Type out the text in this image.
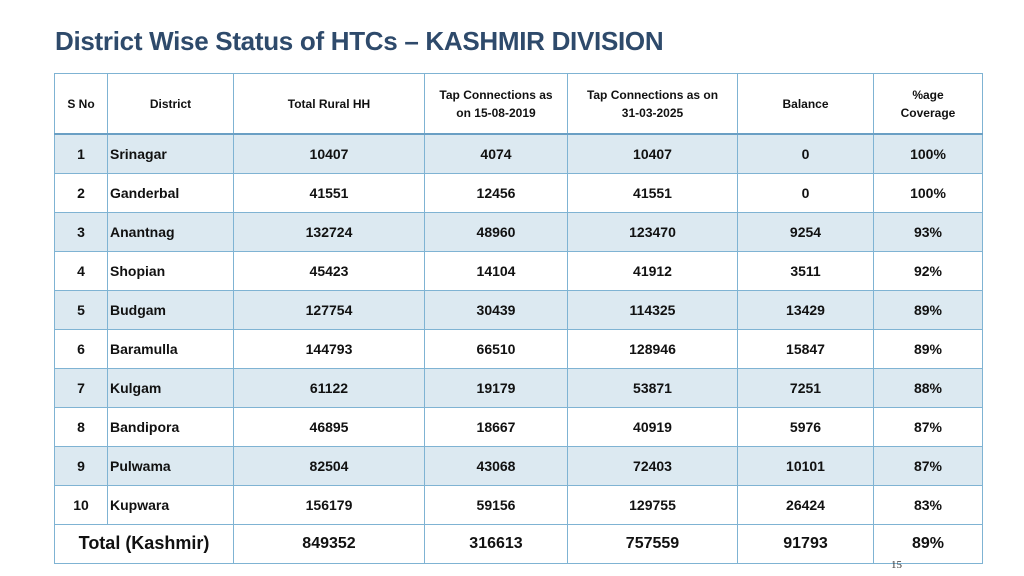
District Wise Status of HTCs – KASHMIR DIVISION
S No	District	Total Rural HH	Tap Connections as on 15-08-2019	Tap Connections as on 31-03-2025	Balance	%age Coverage

1	Srinagar	10407	4074	10407	0	100%
2	Ganderbal	41551	12456	41551	0	100%
3	Anantnag	132724	48960	123470	9254	93%
4	Shopian	45423	14104	41912	3511	92%
5	Budgam	127754	30439	114325	13429	89%
6	Baramulla	144793	66510	128946	15847	89%
7	Kulgam	61122	19179	53871	7251	88%
8	Bandipora	46895	18667	40919	5976	87%
9	Pulwama	82504	43068	72403	10101	87%
10	Kupwara	156179	59156	129755	26424	83%
Total (Kashmir)		849352	316613	757559	91793	89%
15
